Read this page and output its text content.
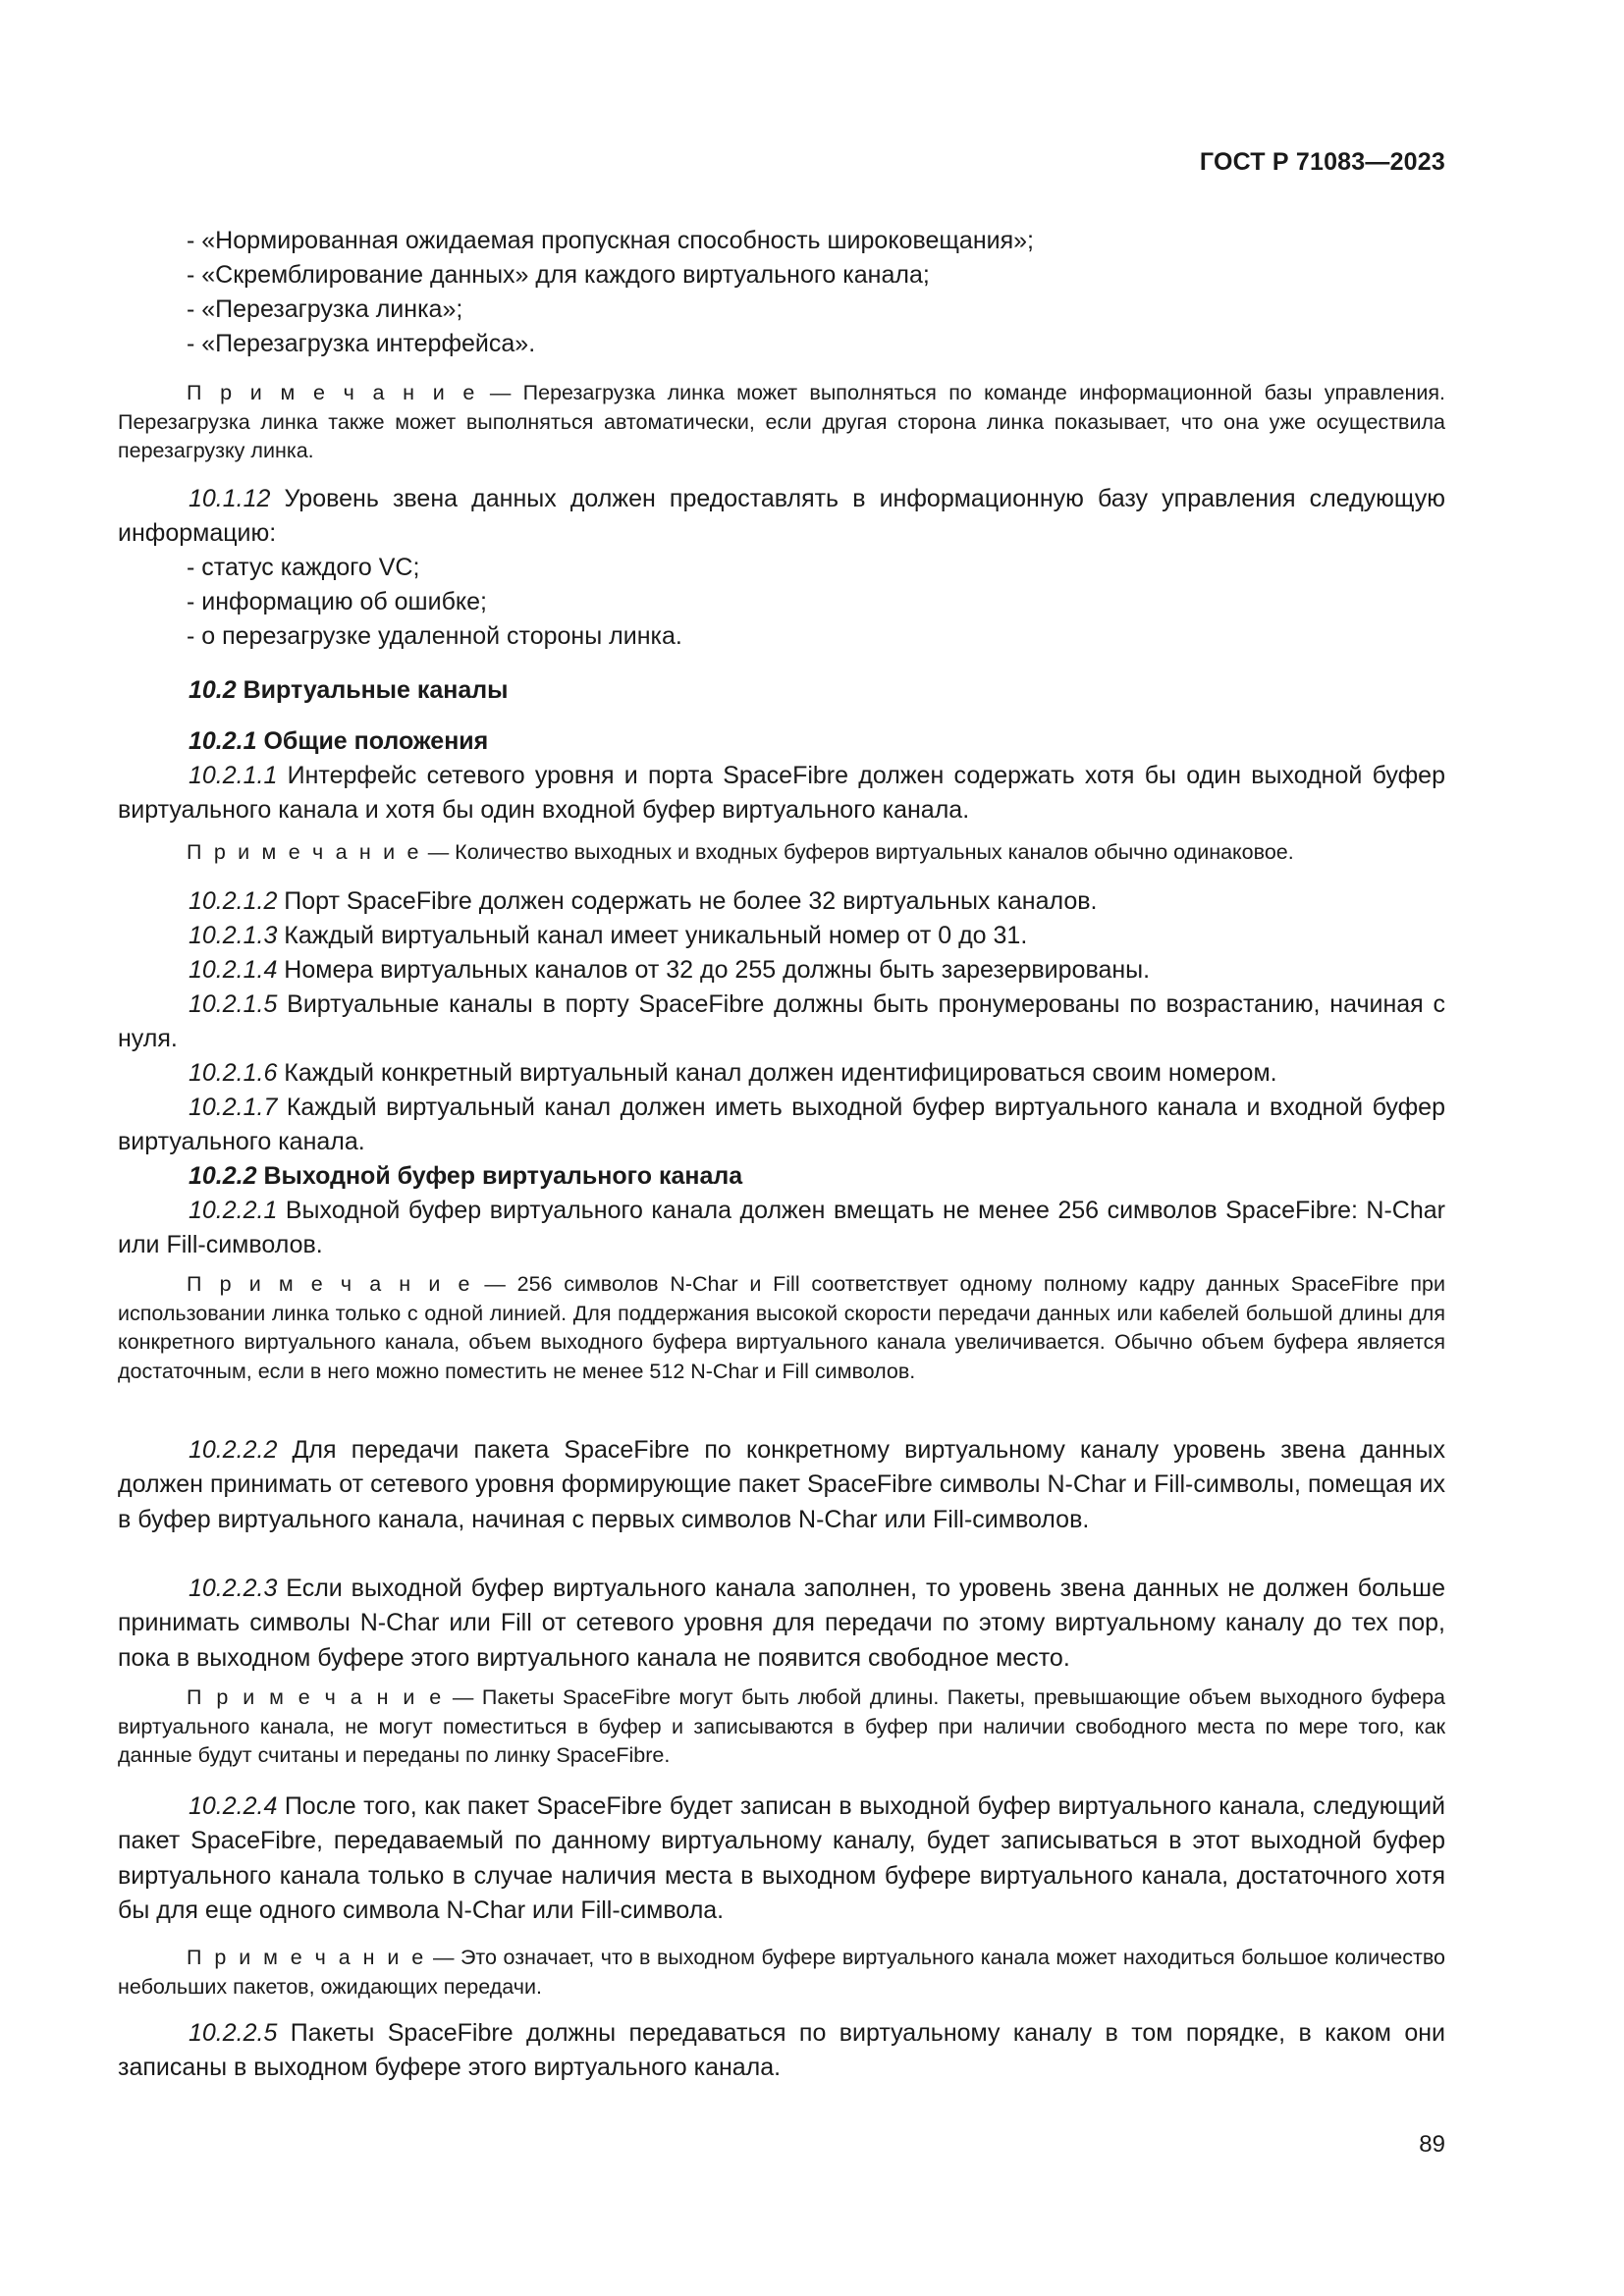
ГОСТ Р 71083—2023
- «Нормированная ожидаемая пропускная способность широковещания»;
- «Скремблирование данных» для каждого виртуального канала;
- «Перезагрузка линка»;
- «Перезагрузка интерфейса».
П р и м е ч а н и е — Перезагрузка линка может выполняться по команде информационной базы управления. Перезагрузка линка также может выполняться автоматически, если другая сторона линка показывает, что она уже осуществила перезагрузку линка.
10.1.12 Уровень звена данных должен предоставлять в информационную базу управления следующую информацию:
- статус каждого VC;
- информацию об ошибке;
- о перезагрузке удаленной стороны линка.
10.2 Виртуальные каналы
10.2.1 Общие положения
10.2.1.1 Интерфейс сетевого уровня и порта SpaceFibre должен содержать хотя бы один выходной буфер виртуального канала и хотя бы один входной буфер виртуального канала.
П р и м е ч а н и е — Количество выходных и входных буферов виртуальных каналов обычно одинаковое.
10.2.1.2 Порт SpaceFibre должен содержать не более 32 виртуальных каналов.
10.2.1.3 Каждый виртуальный канал имеет уникальный номер от 0 до 31.
10.2.1.4 Номера виртуальных каналов от 32 до 255 должны быть зарезервированы.
10.2.1.5 Виртуальные каналы в порту SpaceFibre должны быть пронумерованы по возрастанию, начиная с нуля.
10.2.1.6 Каждый конкретный виртуальный канал должен идентифицироваться своим номером.
10.2.1.7 Каждый виртуальный канал должен иметь выходной буфер виртуального канала и входной буфер виртуального канала.
10.2.2 Выходной буфер виртуального канала
10.2.2.1 Выходной буфер виртуального канала должен вмещать не менее 256 символов SpaceFibre: N-Char или Fill-символов.
П р и м е ч а н и е — 256 символов N-Char и Fill соответствует одному полному кадру данных SpaceFibre при использовании линка только с одной линией. Для поддержания высокой скорости передачи данных или кабелей большой длины для конкретного виртуального канала, объем выходного буфера виртуального канала увеличивается. Обычно объем буфера является достаточным, если в него можно поместить не менее 512 N-Char и Fill символов.
10.2.2.2 Для передачи пакета SpaceFibre по конкретному виртуальному каналу уровень звена данных должен принимать от сетевого уровня формирующие пакет SpaceFibre символы N-Char и Fill-символы, помещая их в буфер виртуального канала, начиная с первых символов N-Char или Fill-символов.
10.2.2.3 Если выходной буфер виртуального канала заполнен, то уровень звена данных не должен больше принимать символы N-Char или Fill от сетевого уровня для передачи по этому виртуальному каналу до тех пор, пока в выходном буфере этого виртуального канала не появится свободное место.
П р и м е ч а н и е — Пакеты SpaceFibre могут быть любой длины. Пакеты, превышающие объем выходного буфера виртуального канала, не могут поместиться в буфер и записываются в буфер при наличии свободного места по мере того, как данные будут считаны и переданы по линку SpaceFibre.
10.2.2.4 После того, как пакет SpaceFibre будет записан в выходной буфер виртуального канала, следующий пакет SpaceFibre, передаваемый по данному виртуальному каналу, будет записываться в этот выходной буфер виртуального канала только в случае наличия места в выходном буфере виртуального канала, достаточного хотя бы для еще одного символа N-Char или Fill-символа.
П р и м е ч а н и е — Это означает, что в выходном буфере виртуального канала может находиться большое количество небольших пакетов, ожидающих передачи.
10.2.2.5 Пакеты SpaceFibre должны передаваться по виртуальному каналу в том порядке, в каком они записаны в выходном буфере этого виртуального канала.
89
